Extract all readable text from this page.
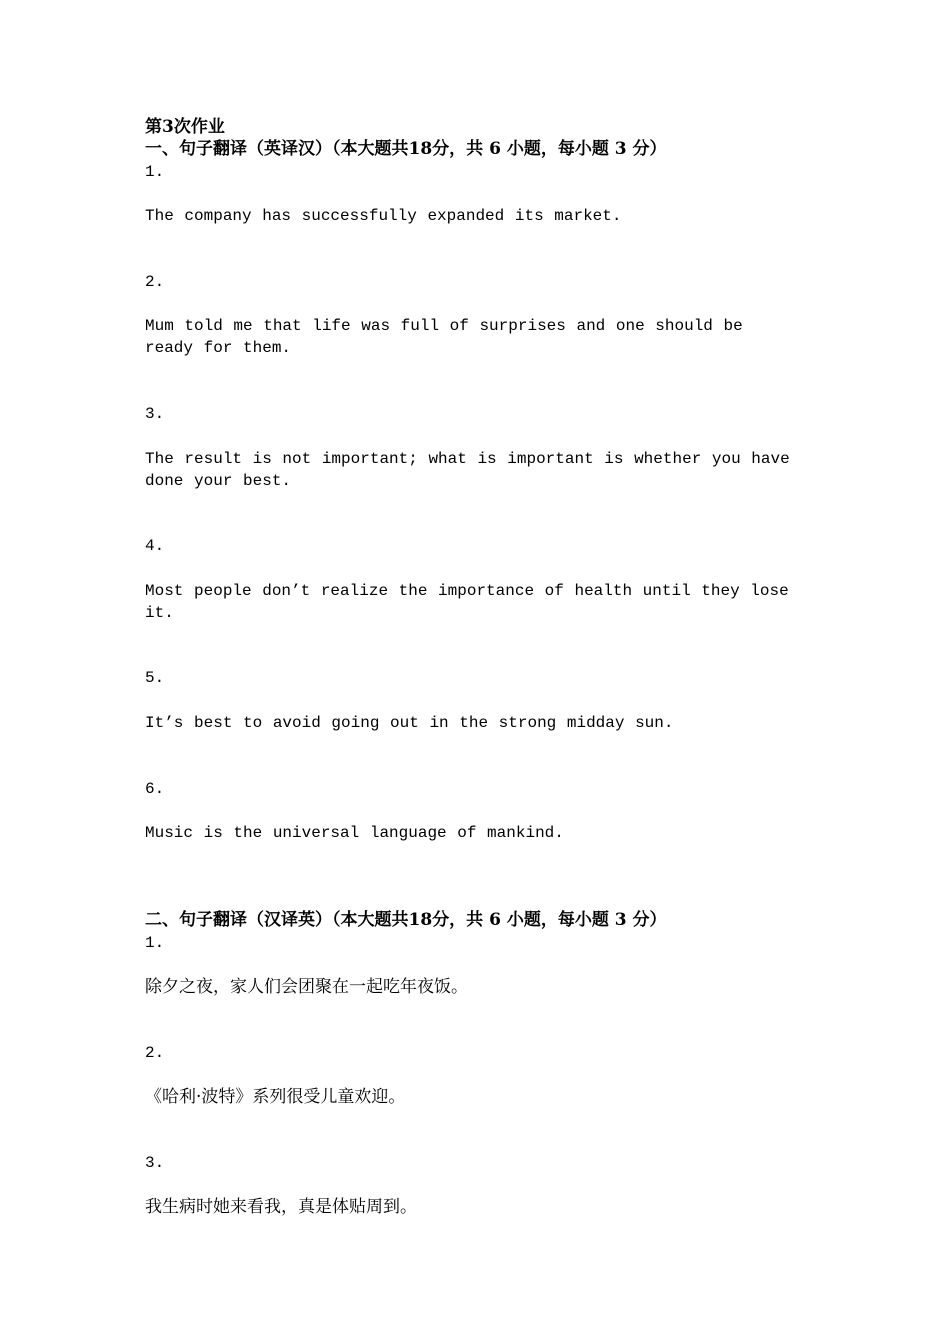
第3次作业
一、句子翻译（英译汉）（本大题共18分，共 6 小题，每小题 3 分）
1.
The company has successfully expanded its market.
2.
Mum told me that life was full of surprises and one should be ready for them.
3.
The result is not important; what is important is whether you have done your best.
4.
Most people don’t realize the importance of health until they lose it.
5.
It’s best to avoid going out in the strong midday sun.
6.
Music is the universal language of mankind.
二、句子翻译（汉译英）（本大题共18分，共 6 小题，每小题 3 分）
1.
除夕之夜，家人们会团聚在一起吃年夜饭。
2.
《哈利·波特》系列很受儿童欢迎。
3.
我生病时她来看我，真是体贴周到。
